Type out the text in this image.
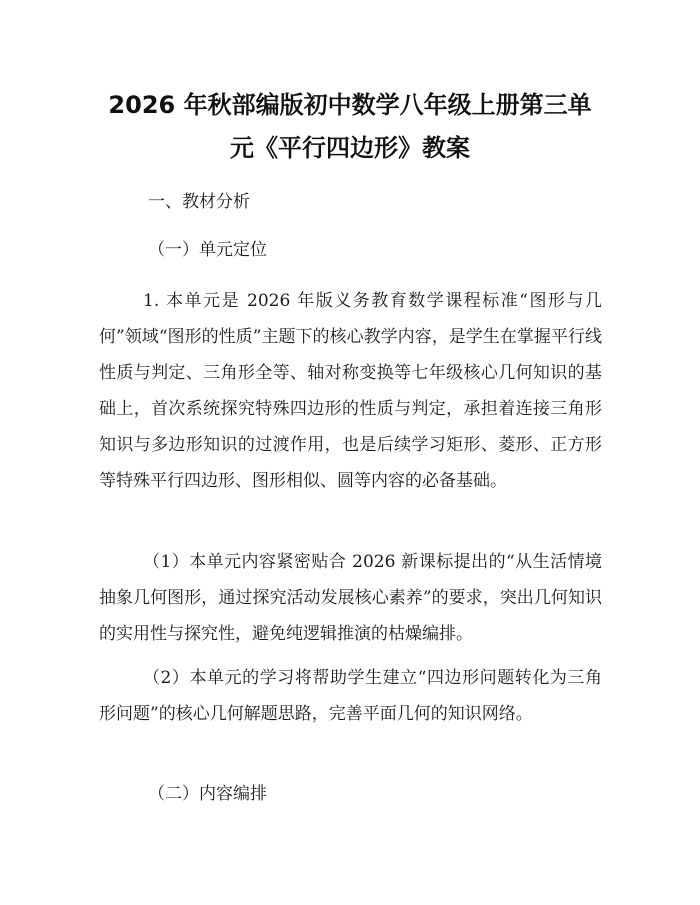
2026 年秋部编版初中数学八年级上册第三单
元《平行四边形》教案
一、教材分析
（一）单元定位

1. 本单元是 2026 年版义务教育数学课程标准“图形与几何”领域“图形的性质”主题下的核心教学内容，是学生在掌握平行线性质与判定、三角形全等、轴对称变换等七年级核心几何知识的基础上，首次系统探究特殊四边形的性质与判定，承担着连接三角形知识与多边形知识的过渡作用，也是后续学习矩形、菱形、正方形等特殊平行四边形、图形相似、圆等内容的必备基础。

（1）本单元内容紧密贴合 2026 新课标提出的“从生活情境抽象几何图形，通过探究活动发展核心素养”的要求，突出几何知识的实用性与探究性，避免纯逻辑推演的枯燥编排。

（2）本单元的学习将帮助学生建立“四边形问题转化为三角形问题”的核心几何解题思路，完善平面几何的知识网络。

（二）内容编排
